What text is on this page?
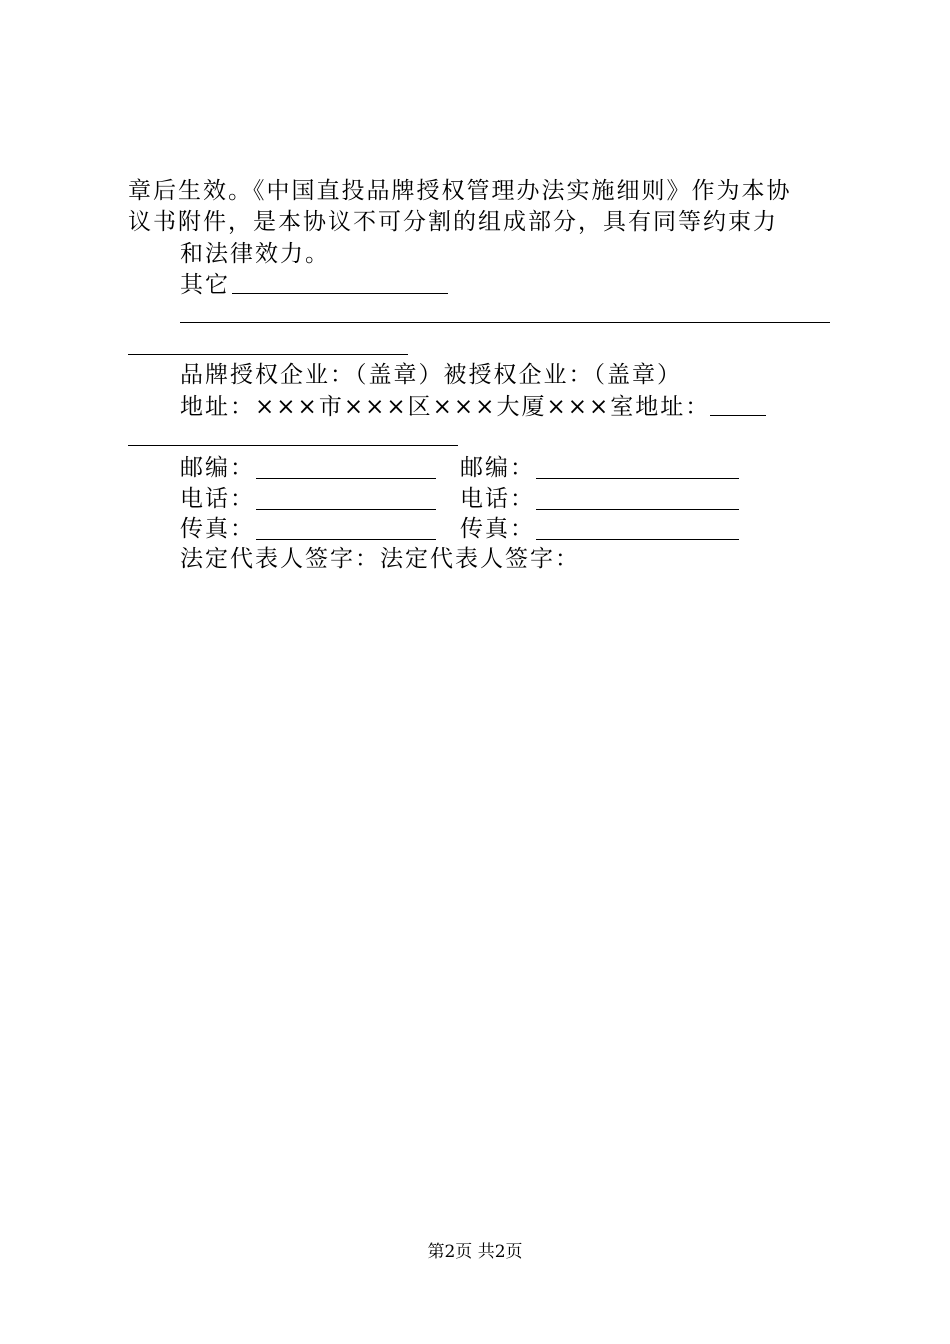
章后生效。《中国直投品牌授权管理办法实施细则》作为本协
议书附件，是本协议不可分割的组成部分，具有同等约束力
和法律效力。
其它
品牌授权企业：（盖章）被授权企业：（盖章）
地址：×××市×××区×××大厦×××室地址：
邮编：	邮编：
电话：	电话：
传真：	传真：
法定代表人签字：法定代表人签字：
第2页 共2页
